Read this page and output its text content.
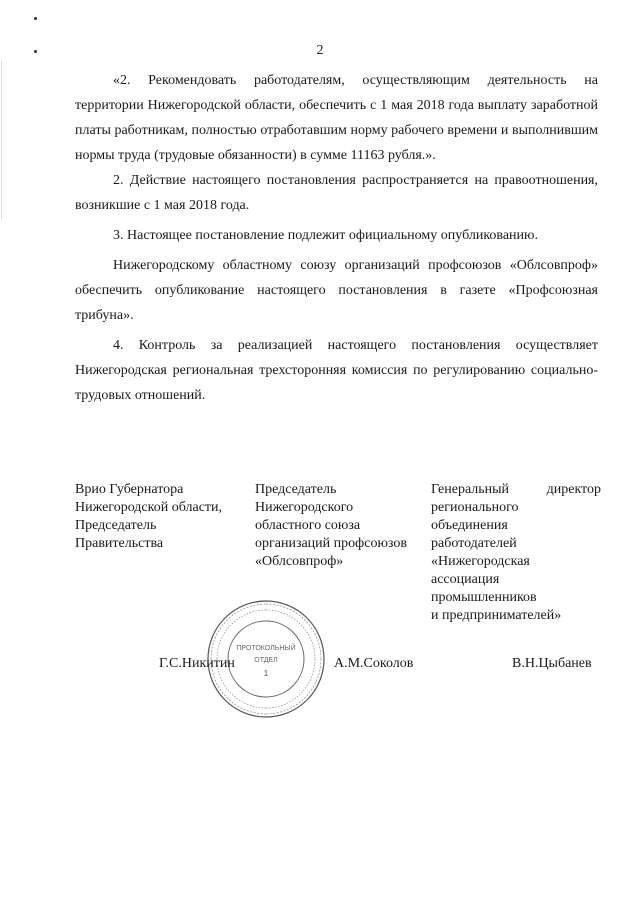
2

«2. Рекомендовать работодателям, осуществляющим деятельность на территории Нижегородской области, обеспечить с 1 мая 2018 года выплату заработной платы работникам, полностью отработавшим норму рабочего времени и выполнившим нормы труда (трудовые обязанности) в сумме 11163 рубля.».

2. Действие настоящего постановления распространяется на правоотношения, возникшие с 1 мая 2018 года.

3. Настоящее постановление подлежит официальному опубликованию.

Нижегородскому областному союзу организаций профсоюзов «Облсовпроф» обеспечить опубликование настоящего постановления в газете «Профсоюзная трибуна».

4. Контроль за реализацией настоящего постановления осуществляет Нижегородская региональная трехсторонняя комиссия по регулированию социально-трудовых отношений.

Врио Губернатора
Нижегородской области,
Председатель
Правительства
Председатель
Нижегородского
областного союза
организаций профсоюзов
«Облсовпроф»
Генеральный директор
регионального
объединения
работодателей
«Нижегородская
ассоциация
промышленников
и предпринимателей»
ПРОТОКОЛЬНЫЙ
ОТДЕЛ
1
Г.С.Никитин	А.М.Соколов	В.Н.Цыбанев
